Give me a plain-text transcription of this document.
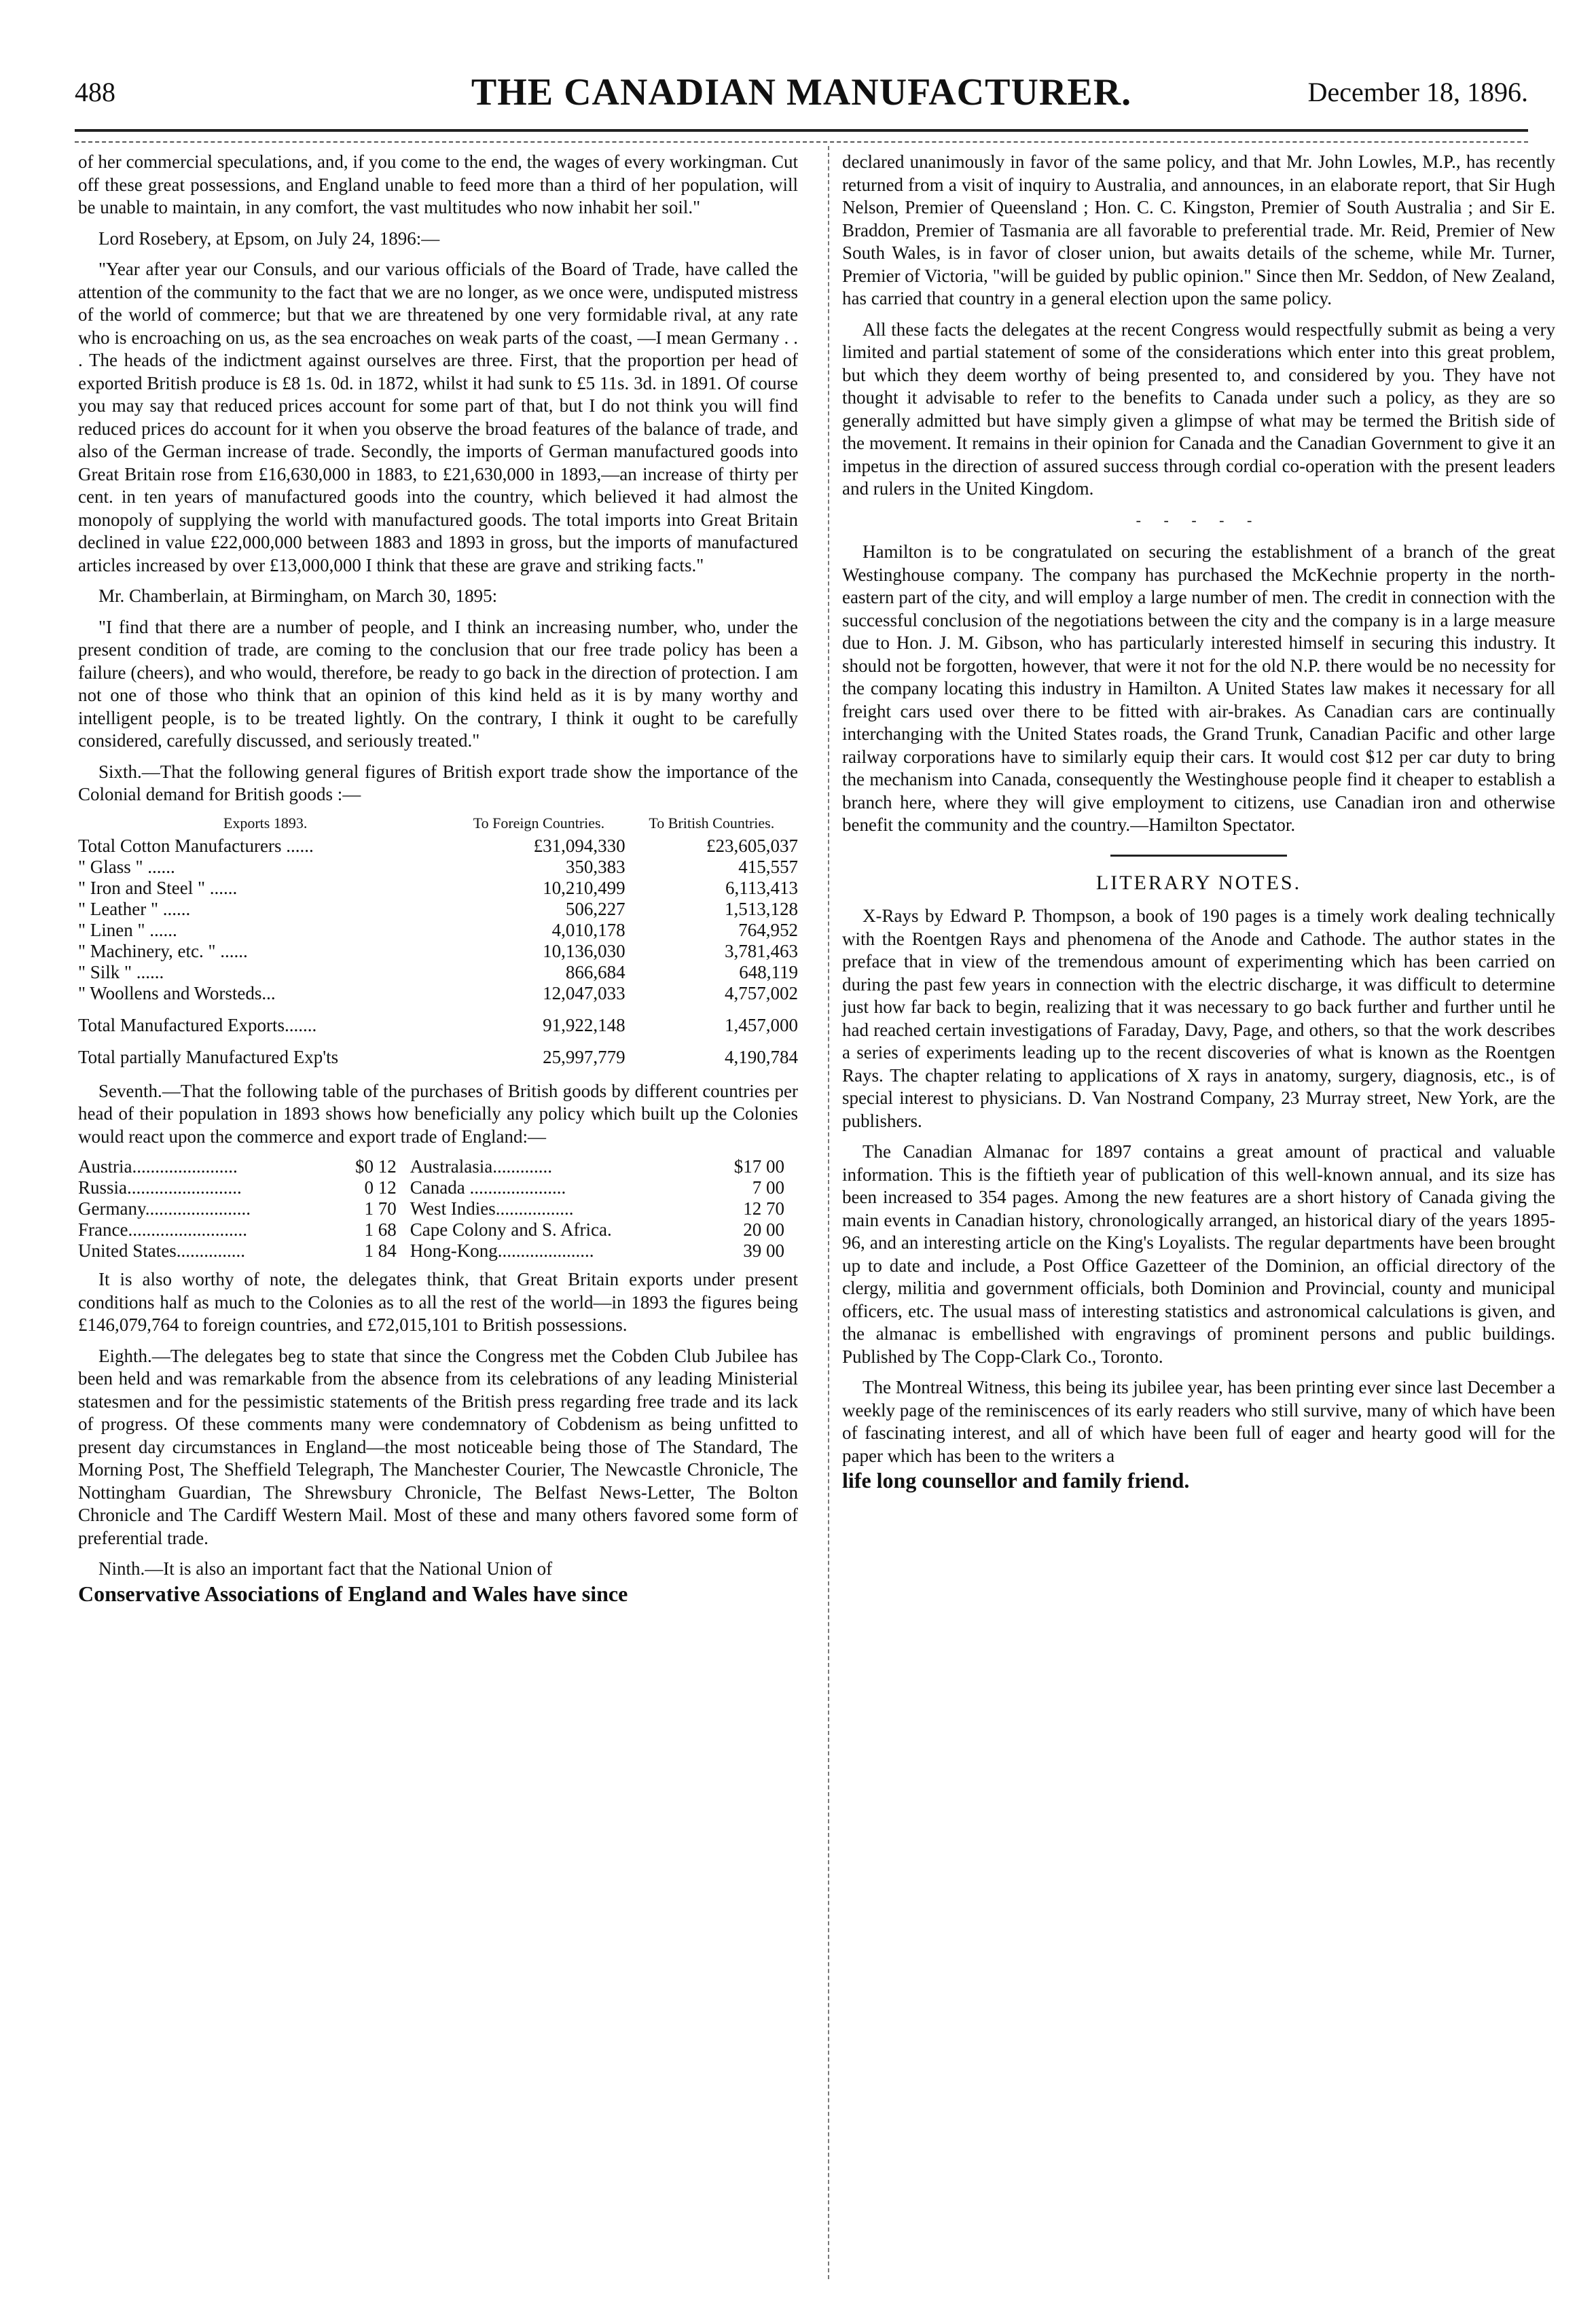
488	THE CANADIAN MANUFACTURER.	December 18, 1896.

of her commercial speculations, and, if you come to the end, the wages of every workingman. Cut off these great possessions, and England unable to feed more than a third of her population, will be unable to maintain, in any comfort, the vast multitudes who now inhabit her soil."

Lord Rosebery, at Epsom, on July 24, 1896:—

"Year after year our Consuls, and our various officials of the Board of Trade, have called the attention of the community to the fact that we are no longer, as we once were, undisputed mistress of the world of commerce; but that we are threatened by one very formidable rival, at any rate who is encroaching on us, as the sea encroaches on weak parts of the coast, —I mean Germany . . . The heads of the indictment against ourselves are three. First, that the proportion per head of exported British produce is £8 1s. 0d. in 1872, whilst it had sunk to £5 11s. 3d. in 1891. Of course you may say that reduced prices account for some part of that, but I do not think you will find reduced prices do account for it when you observe the broad features of the balance of trade, and also of the German increase of trade. Secondly, the imports of German manufactured goods into Great Britain rose from £16,630,000 in 1883, to £21,630,000 in 1893,—an increase of thirty per cent. in ten years of manufactured goods into the country, which believed it had almost the monopoly of supplying the world with manufactured goods. The total imports into Great Britain declined in value £22,000,000 between 1883 and 1893 in gross, but the imports of manufactured articles increased by over £13,000,000 I think that these are grave and striking facts."

Mr. Chamberlain, at Birmingham, on March 30, 1895:

"I find that there are a number of people, and I think an increasing number, who, under the present condition of trade, are coming to the conclusion that our free trade policy has been a failure (cheers), and who would, therefore, be ready to go back in the direction of protection. I am not one of those who think that an opinion of this kind held as it is by many worthy and intelligent people, is to be treated lightly. On the contrary, I think it ought to be carefully considered, carefully discussed, and seriously treated."

Sixth.—That the following general figures of British export trade show the importance of the Colonial demand for British goods :—

Exports 1893.	To Foreign Countries.	To British Countries.
Total Cotton Manufacturers ......	£31,094,330	£23,605,037
" Glass " ......	350,383	415,557
" Iron and Steel " ......	10,210,499	6,113,413
" Leather " ......	506,227	1,513,128
" Linen " ......	4,010,178	764,952
" Machinery, etc. " ......	10,136,030	3,781,463
" Silk " ......	866,684	648,119
" Woollens and Worsteds...	12,047,033	4,757,002
Total Manufactured Exports.......	91,922,148	1,457,000
Total partially Manufactured Exp'ts	25,997,779	4,190,784

Seventh.—That the following table of the purchases of British goods by different countries per head of their population in 1893 shows how beneficially any policy which built up the Colonies would react upon the commerce and export trade of England:—

Austria.......................	$0 12	Australasia.............	$17 00
Russia.........................	0 12	Canada .....................	7 00
Germany.......................	1 70	West Indies.................	12 70
France..........................	1 68	Cape Colony and S. Africa.	20 00
United States...............	1 84	Hong-Kong.....................	39 00

It is also worthy of note, the delegates think, that Great Britain exports under present conditions half as much to the Colonies as to all the rest of the world—in 1893 the figures being £146,079,764 to foreign countries, and £72,015,101 to British possessions.

Eighth.—The delegates beg to state that since the Congress met the Cobden Club Jubilee has been held and was remarkable from the absence from its celebrations of any leading Ministerial statesmen and for the pessimistic statements of the British press regarding free trade and its lack of progress. Of these comments many were condemnatory of Cobdenism as being unfitted to present day circumstances in England—the most noticeable being those of The Standard, The Morning Post, The Sheffield Telegraph, The Manchester Courier, The Newcastle Chronicle, The Nottingham Guardian, The Shrewsbury Chronicle, The Belfast News-Letter, The Bolton Chronicle and The Cardiff Western Mail. Most of these and many others favored some form of preferential trade.

Ninth.—It is also an important fact that the National Union of

Conservative Associations of England and Wales have since

declared unanimously in favor of the same policy, and that Mr. John Lowles, M.P., has recently returned from a visit of inquiry to Australia, and announces, in an elaborate report, that Sir Hugh Nelson, Premier of Queensland ; Hon. C. C. Kingston, Premier of South Australia ; and Sir E. Braddon, Premier of Tasmania are all favorable to preferential trade. Mr. Reid, Premier of New South Wales, is in favor of closer union, but awaits details of the scheme, while Mr. Turner, Premier of Victoria, "will be guided by public opinion." Since then Mr. Seddon, of New Zealand, has carried that country in a general election upon the same policy.

All these facts the delegates at the recent Congress would respectfully submit as being a very limited and partial statement of some of the considerations which enter into this great problem, but which they deem worthy of being presented to, and considered by you. They have not thought it advisable to refer to the benefits to Canada under such a policy, as they are so generally admitted but have simply given a glimpse of what may be termed the British side of the movement. It remains in their opinion for Canada and the Canadian Government to give it an impetus in the direction of assured success through cordial co-operation with the present leaders and rulers in the United Kingdom.

- - - - -

Hamilton is to be congratulated on securing the establishment of a branch of the great Westinghouse company. The company has purchased the McKechnie property in the north-eastern part of the city, and will employ a large number of men. The credit in connection with the successful conclusion of the negotiations between the city and the company is in a large measure due to Hon. J. M. Gibson, who has particularly interested himself in securing this industry. It should not be forgotten, however, that were it not for the old N.P. there would be no necessity for the company locating this industry in Hamilton. A United States law makes it necessary for all freight cars used over there to be fitted with air-brakes. As Canadian cars are continually interchanging with the United States roads, the Grand Trunk, Canadian Pacific and other large railway corporations have to similarly equip their cars. It would cost $12 per car duty to bring the mechanism into Canada, consequently the Westinghouse people find it cheaper to establish a branch here, where they will give employment to citizens, use Canadian iron and otherwise benefit the community and the country.—Hamilton Spectator.

LITERARY NOTES.

X-Rays by Edward P. Thompson, a book of 190 pages is a timely work dealing technically with the Roentgen Rays and phenomena of the Anode and Cathode. The author states in the preface that in view of the tremendous amount of experimenting which has been carried on during the past few years in connection with the electric discharge, it was difficult to determine just how far back to begin, realizing that it was necessary to go back further and further until he had reached certain investigations of Faraday, Davy, Page, and others, so that the work describes a series of experiments leading up to the recent discoveries of what is known as the Roentgen Rays. The chapter relating to applications of X rays in anatomy, surgery, diagnosis, etc., is of special interest to physicians. D. Van Nostrand Company, 23 Murray street, New York, are the publishers.

The Canadian Almanac for 1897 contains a great amount of practical and valuable information. This is the fiftieth year of publication of this well-known annual, and its size has been increased to 354 pages. Among the new features are a short history of Canada giving the main events in Canadian history, chronologically arranged, an historical diary of the years 1895-96, and an interesting article on the King's Loyalists. The regular departments have been brought up to date and include, a Post Office Gazetteer of the Dominion, an official directory of the clergy, militia and government officials, both Dominion and Provincial, county and municipal officers, etc. The usual mass of interesting statistics and astronomical calculations is given, and the almanac is embellished with engravings of prominent persons and public buildings. Published by The Copp-Clark Co., Toronto.

The Montreal Witness, this being its jubilee year, has been printing ever since last December a weekly page of the reminiscences of its early readers who still survive, many of which have been of fascinating interest, and all of which have been full of eager and hearty good will for the paper which has been to the writers a

life long counsellor and family friend.
